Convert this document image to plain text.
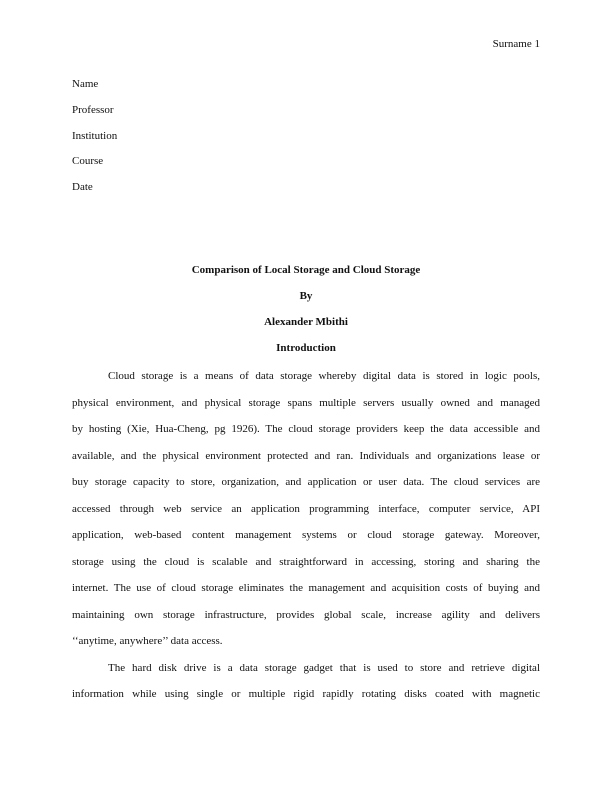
Surname 1
Name
Professor
Institution
Course
Date
Comparison of Local Storage and Cloud Storage
By
Alexander Mbithi
Introduction
Cloud storage is a means of data storage whereby digital data is stored in logic pools,
physical environment, and physical storage spans multiple servers usually owned and managed
by hosting (Xie, Hua-Cheng, pg 1926). The cloud storage providers keep the data accessible and
available, and the physical environment protected and ran. Individuals and organizations lease or
buy storage capacity to store, organization, and application or user data. The cloud services are
accessed through web service an application programming interface, computer service, API
application, web-based content management systems or cloud storage gateway. Moreover,
storage using the cloud is scalable and straightforward in accessing, storing and sharing the
internet. The use of cloud storage eliminates the management and acquisition costs of buying and
maintaining own storage infrastructure, provides global scale, increase agility and delivers
‘‘anytime, anywhere’’ data access.
The hard disk drive is a data storage gadget that is used to store and retrieve digital
information while using single or multiple rigid rapidly rotating disks coated with magnetic
